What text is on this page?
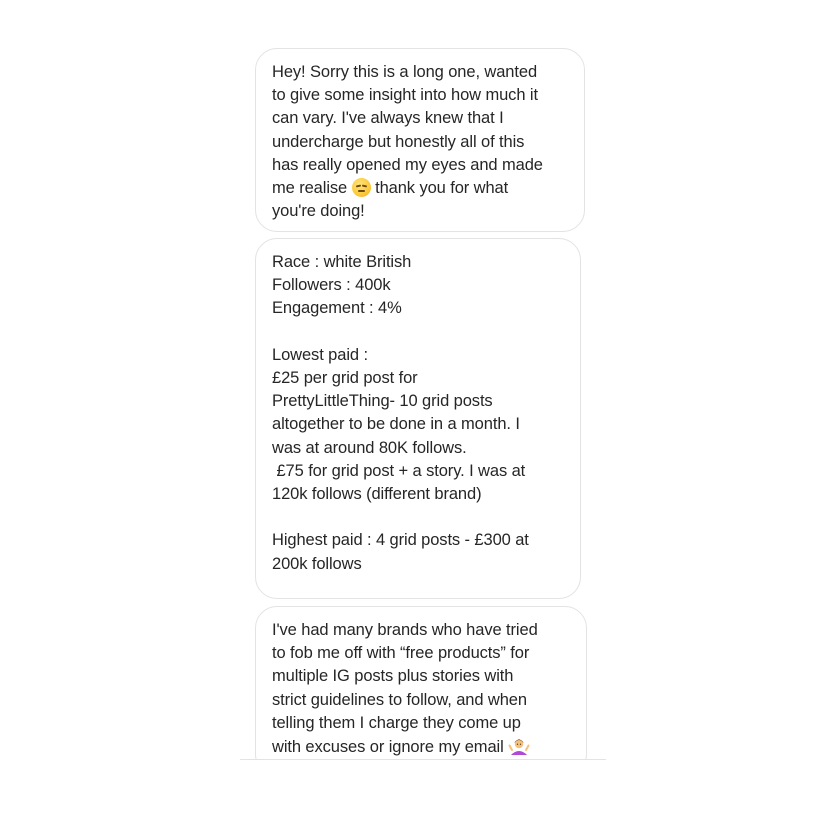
Hey! Sorry this is a long one, wanted
to give some insight into how much it
can vary. I've always knew that I
undercharge but honestly all of this
has really opened my eyes and made
me realise thank you for what
you're doing!
Race : white British
Followers : 400k
Engagement : 4%
Lowest paid :
£25 per grid post for
PrettyLittleThing- 10 grid posts
altogether to be done in a month. I
was at around 80K follows.
£75 for grid post + a story. I was at
120k follows (different brand)
Highest paid : 4 grid posts - £300 at
200k follows
I've had many brands who have tried
to fob me off with “free products” for
multiple IG posts plus stories with
strict guidelines to follow, and when
telling them I charge they come up
with excuses or ignore my email
